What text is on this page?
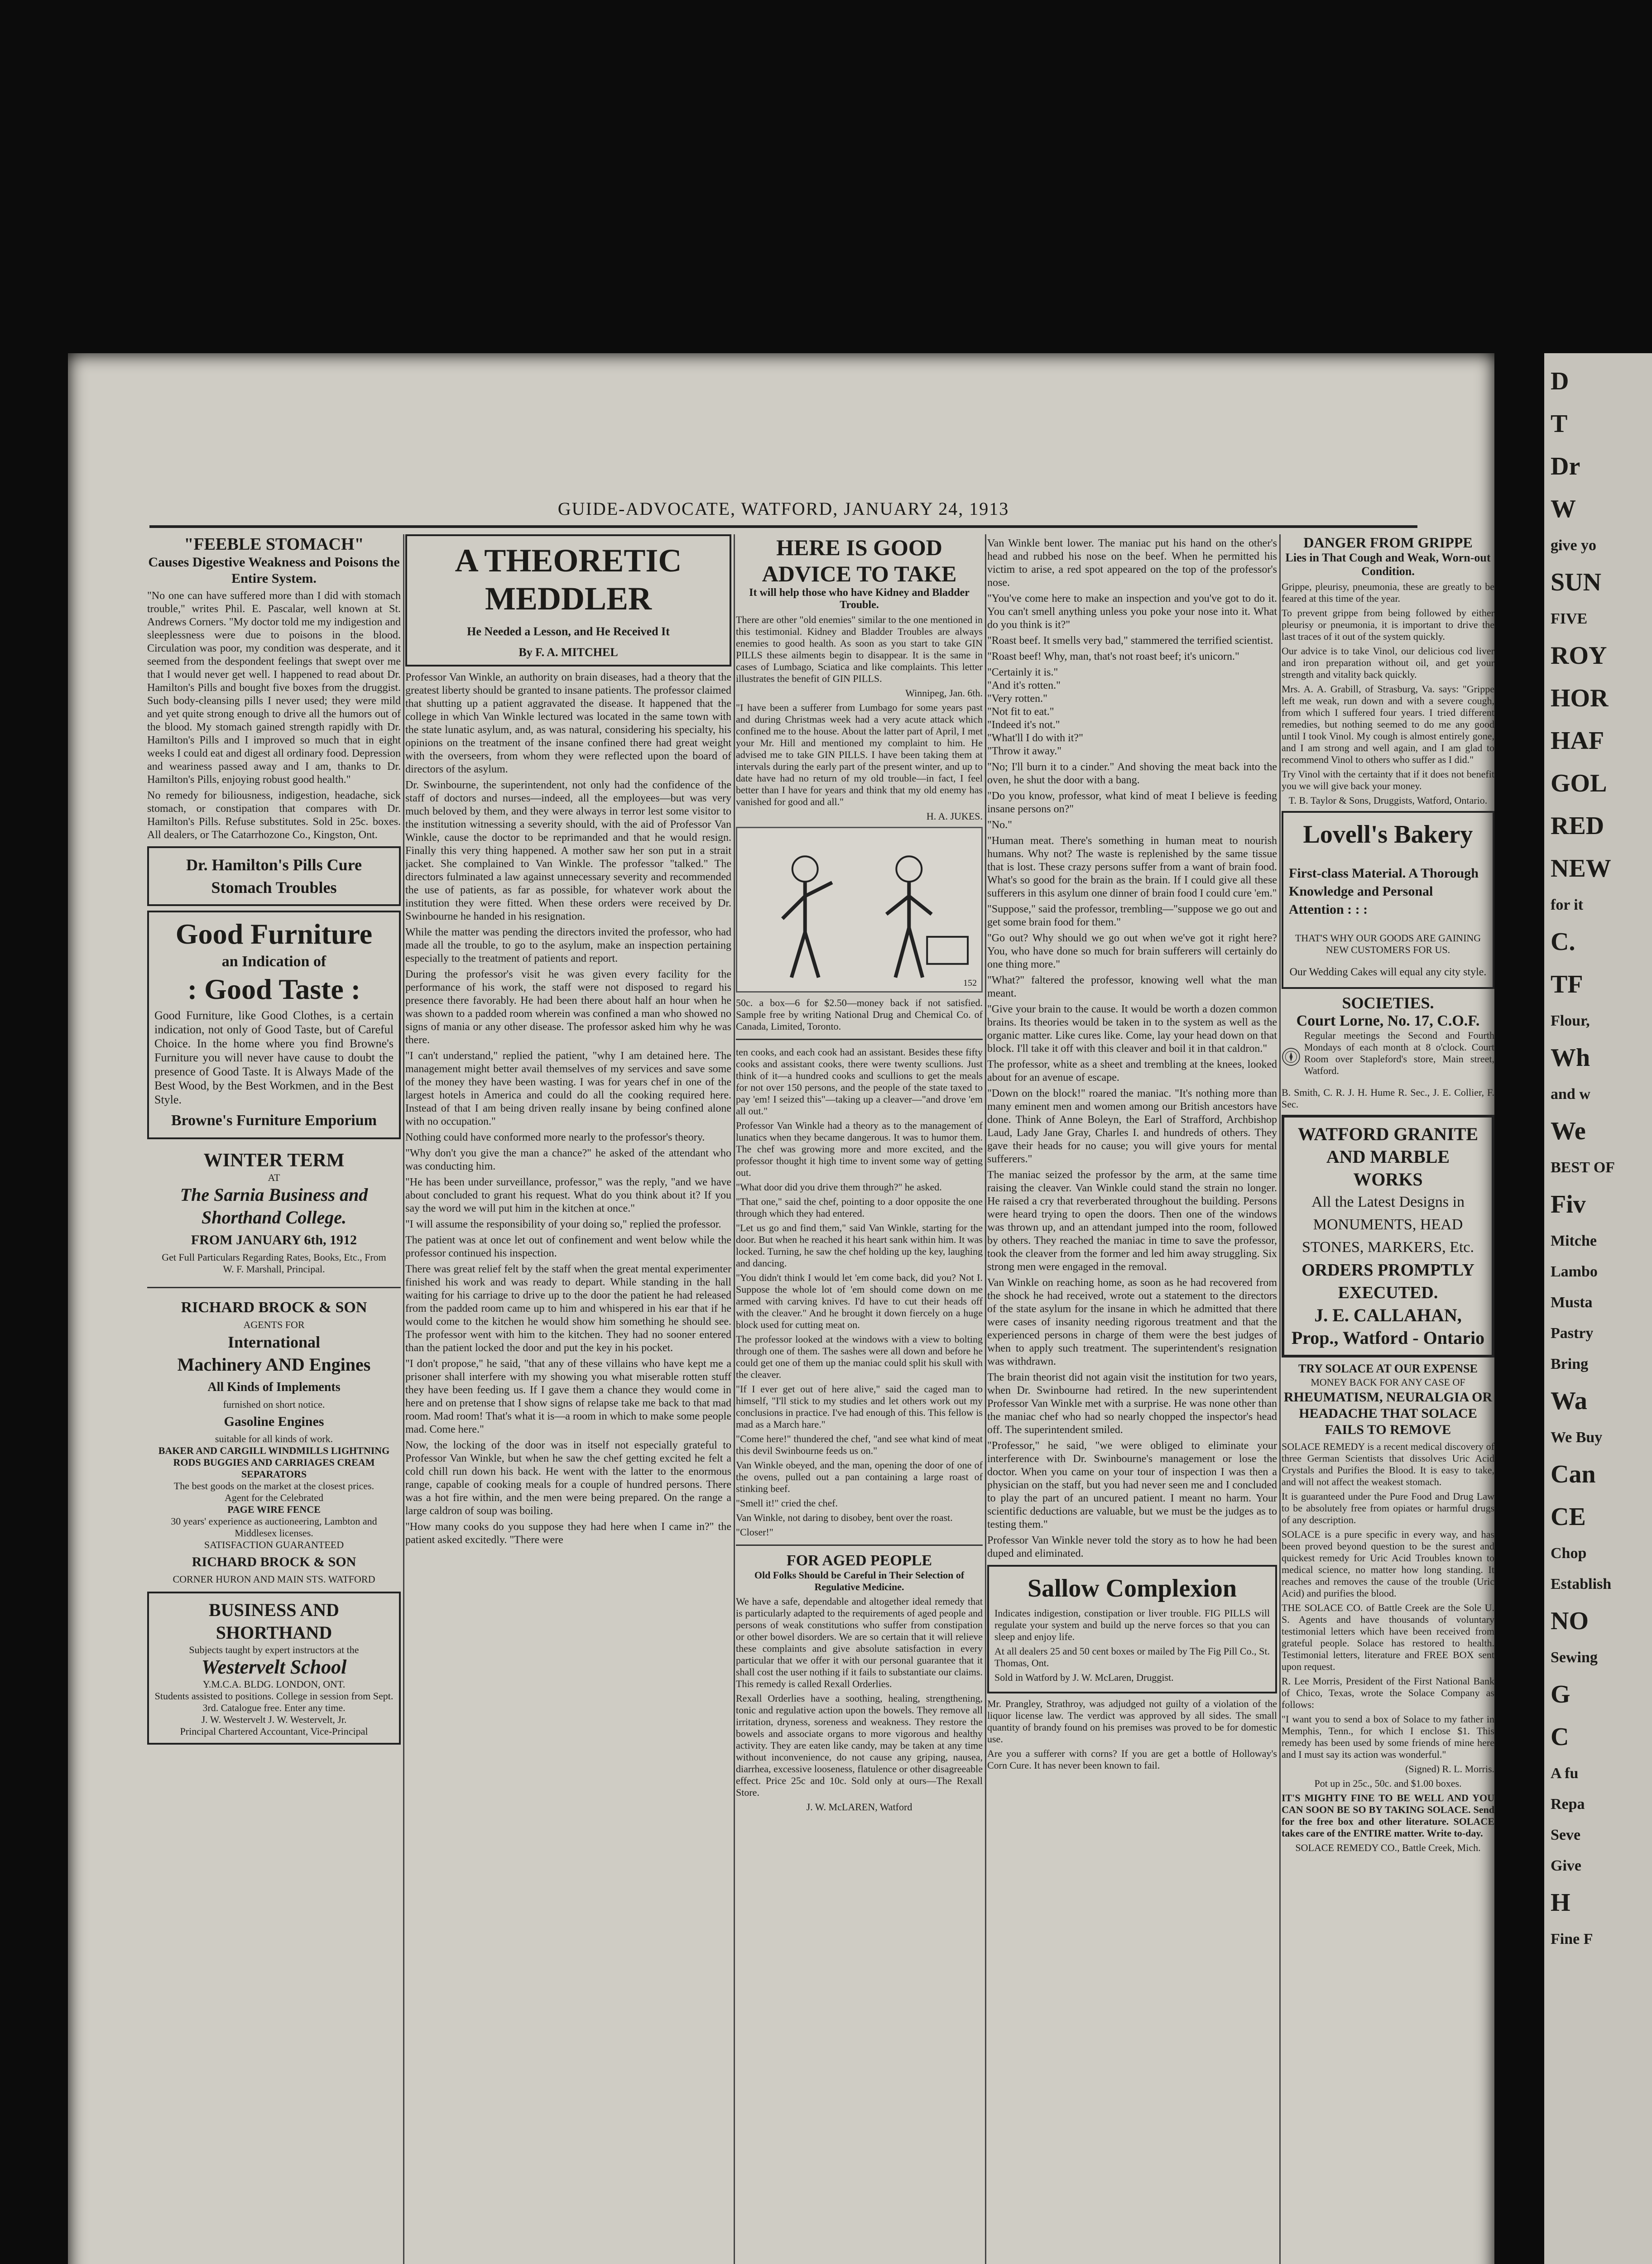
GUIDE-ADVOCATE, WATFORD, JANUARY 24, 1913
"FEEBLE STOMACH"
Causes Digestive Weakness and Poisons the Entire System.

"No one can have suffered more than I did with stomach trouble," writes Phil. E. Pascalar, well known at St. Andrews Corners. "My doctor told me my indigestion and sleeplessness were due to poisons in the blood. Circulation was poor, my condition was desperate, and it seemed from the despondent feelings that swept over me that I would never get well. I happened to read about Dr. Hamilton's Pills and bought five boxes from the druggist. Such body-cleansing pills I never used; they were mild and yet quite strong enough to drive all the humors out of the blood. My stomach gained strength rapidly with Dr. Hamilton's Pills and I improved so much that in eight weeks I could eat and digest all ordinary food. Depression and weariness passed away and I am, thanks to Dr. Hamilton's Pills, enjoying robust good health."

No remedy for biliousness, indigestion, headache, sick stomach, or constipation that compares with Dr. Hamilton's Pills. Refuse substitutes. Sold in 25c. boxes. All dealers, or The Catarrhozone Co., Kingston, Ont.

Dr. Hamilton's Pills Cure Stomach Troubles
Good Furniture
an Indication of
: Good Taste :

Good Furniture, like Good Clothes, is a certain indication, not only of Good Taste, but of Careful Choice. In the home where you find Browne's Furniture you will never have cause to doubt the presence of Good Taste. It is Always Made of the Best Wood, by the Best Workmen, and in the Best Style.

Browne's Furniture Emporium
WINTER TERM
AT
The Sarnia Business and Shorthand College.
FROM JANUARY 6th, 1912
Get Full Particulars Regarding Rates, Books, Etc., From
W. F. Marshall, Principal.
RICHARD BROCK & SON
AGENTS FOR
International
Machinery AND Engines
All Kinds of Implements
furnished on short notice.
Gasoline Engines
suitable for all kinds of work.
BAKER AND CARGILL WINDMILLS LIGHTNING RODS BUGGIES AND CARRIAGES CREAM SEPARATORS
The best goods on the market at the closest prices.
Agent for the Celebrated
PAGE WIRE FENCE
30 years' experience as auctioneering, Lambton and Middlesex licenses.
SATISFACTION GUARANTEED
RICHARD BROCK & SON
CORNER HURON AND MAIN STS. WATFORD
BUSINESS AND SHORTHAND
Subjects taught by expert instructors at the
Westervelt School
Y.M.C.A. BLDG. LONDON, ONT.
Students assisted to positions. College in session from Sept. 3rd. Catalogue free. Enter any time.
J. W. Westervelt J. W. Westervelt, Jr.
Principal Chartered Accountant, Vice-Principal
A THEORETIC MEDDLER
He Needed a Lesson, and He Received It
By F. A. MITCHEL

Professor Van Winkle, an authority on brain diseases, had a theory that the greatest liberty should be granted to insane patients. The professor claimed that shutting up a patient aggravated the disease. It happened that the college in which Van Winkle lectured was located in the same town with the state lunatic asylum, and, as was natural, considering his specialty, his opinions on the treatment of the insane confined there had great weight with the overseers, from whom they were reflected upon the board of directors of the asylum.

Dr. Swinbourne, the superintendent, not only had the confidence of the staff of doctors and nurses—indeed, all the employees—but was very much beloved by them, and they were always in terror lest some visitor to the institution witnessing a severity should, with the aid of Professor Van Winkle, cause the doctor to be reprimanded and that he would resign. Finally this very thing happened. A mother saw her son put in a strait jacket. She complained to Van Winkle. The professor "talked." The directors fulminated a law against unnecessary severity and recommended the use of patients, as far as possible, for whatever work about the institution they were fitted. When these orders were received by Dr. Swinbourne he handed in his resignation.

While the matter was pending the directors invited the professor, who had made all the trouble, to go to the asylum, make an inspection pertaining especially to the treatment of patients and report.

During the professor's visit he was given every facility for the performance of his work, the staff were not disposed to regard his presence there favorably. He had been there about half an hour when he was shown to a padded room wherein was confined a man who showed no signs of mania or any other disease. The professor asked him why he was there.

"I can't understand," replied the patient, "why I am detained here. The management might better avail themselves of my services and save some of the money they have been wasting. I was for years chef in one of the largest hotels in America and could do all the cooking required here. Instead of that I am being driven really insane by being confined alone with no occupation."

Nothing could have conformed more nearly to the professor's theory.

"Why don't you give the man a chance?" he asked of the attendant who was conducting him.

"He has been under surveillance, professor," was the reply, "and we have about concluded to grant his request. What do you think about it? If you say the word we will put him in the kitchen at once."

"I will assume the responsibility of your doing so," replied the professor.

The patient was at once let out of confinement and went below while the professor continued his inspection.

There was great relief felt by the staff when the great mental experimenter finished his work and was ready to depart. While standing in the hall waiting for his carriage to drive up to the door the patient he had released from the padded room came up to him and whispered in his ear that if he would come to the kitchen he would show him something he should see. The professor went with him to the kitchen. They had no sooner entered than the patient locked the door and put the key in his pocket.

"I don't propose," he said, "that any of these villains who have kept me a prisoner shall interfere with my showing you what miserable rotten stuff they have been feeding us. If I gave them a chance they would come in here and on pretense that I show signs of relapse take me back to that mad room. Mad room! That's what it is—a room in which to make some people mad. Come here."

Now, the locking of the door was in itself not especially grateful to Professor Van Winkle, but when he saw the chef getting excited he felt a cold chill run down his back. He went with the latter to the enormous range, capable of cooking meals for a couple of hundred persons. There was a hot fire within, and the men were being prepared. On the range a large caldron of soup was boiling.

"How many cooks do you suppose they had here when I came in?" the patient asked excitedly. "There were

HERE IS GOOD ADVICE TO TAKE
It will help those who have Kidney and Bladder Trouble.

There are other "old enemies" similar to the one mentioned in this testimonial. Kidney and Bladder Troubles are always enemies to good health. As soon as you start to take GIN PILLS these ailments begin to disappear. It is the same in cases of Lumbago, Sciatica and like complaints. This letter illustrates the benefit of GIN PILLS.

Winnipeg, Jan. 6th.

"I have been a sufferer from Lumbago for some years past and during Christmas week had a very acute attack which confined me to the house. About the latter part of April, I met your Mr. Hill and mentioned my complaint to him. He advised me to take GIN PILLS. I have been taking them at intervals during the early part of the present winter, and up to date have had no return of my old trouble—in fact, I feel better than I have for years and think that my old enemy has vanished for good and all."

H. A. JUKES.

152

50c. a box—6 for $2.50—money back if not satisfied. Sample free by writing National Drug and Chemical Co. of Canada, Limited, Toronto.

ten cooks, and each cook had an assistant. Besides these fifty cooks and assistant cooks, there were twenty scullions. Just think of it—a hundred cooks and scullions to get the meals for not over 150 persons, and the people of the state taxed to pay 'em! I seized this"—taking up a cleaver—"and drove 'em all out."

Professor Van Winkle had a theory as to the management of lunatics when they became dangerous. It was to humor them. The chef was growing more and more excited, and the professor thought it high time to invent some way of getting out.

"What door did you drive them through?" he asked.

"That one," said the chef, pointing to a door opposite the one through which they had entered.

"Let us go and find them," said Van Winkle, starting for the door. But when he reached it his heart sank within him. It was locked. Turning, he saw the chef holding up the key, laughing and dancing.

"You didn't think I would let 'em come back, did you? Not I. Suppose the whole lot of 'em should come down on me armed with carving knives. I'd have to cut their heads off with the cleaver." And he brought it down fiercely on a huge block used for cutting meat on.

The professor looked at the windows with a view to bolting through one of them. The sashes were all down and before he could get one of them up the maniac could split his skull with the cleaver.

"If I ever get out of here alive," said the caged man to himself, "I'll stick to my studies and let others work out my conclusions in practice. I've had enough of this. This fellow is mad as a March hare."

"Come here!" thundered the chef, "and see what kind of meat this devil Swinbourne feeds us on."

Van Winkle obeyed, and the man, opening the door of one of the ovens, pulled out a pan containing a large roast of stinking beef.

"Smell it!" cried the chef.

Van Winkle, not daring to disobey, bent over the roast.

"Closer!"

FOR AGED PEOPLE
Old Folks Should be Careful in Their Selection of Regulative Medicine.

We have a safe, dependable and altogether ideal remedy that is particularly adapted to the requirements of aged people and persons of weak constitutions who suffer from constipation or other bowel disorders. We are so certain that it will relieve these complaints and give absolute satisfaction in every particular that we offer it with our personal guarantee that it shall cost the user nothing if it fails to substantiate our claims. This remedy is called Rexall Orderlies.

Rexall Orderlies have a soothing, healing, strengthening, tonic and regulative action upon the bowels. They remove all irritation, dryness, soreness and weakness. They restore the bowels and associate organs to more vigorous and healthy activity. They are eaten like candy, may be taken at any time without inconvenience, do not cause any griping, nausea, diarrhea, excessive looseness, flatulence or other disagreeable effect. Price 25c and 10c. Sold only at ours—The Rexall Store.

J. W. McLAREN, Watford

Van Winkle bent lower. The maniac put his hand on the other's head and rubbed his nose on the beef. When he permitted his victim to arise, a red spot appeared on the top of the professor's nose.

"You've come here to make an inspection and you've got to do it. You can't smell anything unless you poke your nose into it. What do you think is it?"

"Roast beef. It smells very bad," stammered the terrified scientist.

"Roast beef! Why, man, that's not roast beef; it's unicorn."

"Certainly it is."

"And it's rotten."

"Very rotten."

"Not fit to eat."

"Indeed it's not."

"What'll I do with it?"

"Throw it away."

"No; I'll burn it to a cinder." And shoving the meat back into the oven, he shut the door with a bang.

"Do you know, professor, what kind of meat I believe is feeding insane persons on?"

"No."

"Human meat. There's something in human meat to nourish humans. Why not? The waste is replenished by the same tissue that is lost. These crazy persons suffer from a want of brain food. What's so good for the brain as the brain. If I could give all these sufferers in this asylum one dinner of brain food I could cure 'em."

"Suppose," said the professor, trembling—"suppose we go out and get some brain food for them."

"Go out? Why should we go out when we've got it right here? You, who have done so much for brain sufferers will certainly do one thing more."

"What?" faltered the professor, knowing well what the man meant.

"Give your brain to the cause. It would be worth a dozen common brains. Its theories would be taken in to the system as well as the organic matter. Like cures like. Come, lay your head down on that block. I'll take it off with this cleaver and boil it in that caldron."

The professor, white as a sheet and trembling at the knees, looked about for an avenue of escape.

"Down on the block!" roared the maniac. "It's nothing more than many eminent men and women among our British ancestors have done. Think of Anne Boleyn, the Earl of Strafford, Archbishop Laud, Lady Jane Gray, Charles I. and hundreds of others. They gave their heads for no cause; you will give yours for mental sufferers."

The maniac seized the professor by the arm, at the same time raising the cleaver. Van Winkle could stand the strain no longer. He raised a cry that reverberated throughout the building. Persons were heard trying to open the doors. Then one of the windows was thrown up, and an attendant jumped into the room, followed by others. They reached the maniac in time to save the professor, took the cleaver from the former and led him away struggling. Six strong men were engaged in the removal.

Van Winkle on reaching home, as soon as he had recovered from the shock he had received, wrote out a statement to the directors of the state asylum for the insane in which he admitted that there were cases of insanity needing rigorous treatment and that the experienced persons in charge of them were the best judges of when to apply such treatment. The superintendent's resignation was withdrawn.

The brain theorist did not again visit the institution for two years, when Dr. Swinbourne had retired. In the new superintendent Professor Van Winkle met with a surprise. He was none other than the maniac chef who had so nearly chopped the inspector's head off. The superintendent smiled.

"Professor," he said, "we were obliged to eliminate your interference with Dr. Swinbourne's management or lose the doctor. When you came on your tour of inspection I was then a physician on the staff, but you had never seen me and I concluded to play the part of an uncured patient. I meant no harm. Your scientific deductions are valuable, but we must be the judges as to testing them."

Professor Van Winkle never told the story as to how he had been duped and eliminated.

Sallow Complexion

Indicates indigestion, constipation or liver trouble. FIG PILLS will regulate your system and build up the nerve forces so that you can sleep and enjoy life.

At all dealers 25 and 50 cent boxes or mailed by The Fig Pill Co., St. Thomas, Ont.

Sold in Watford by J. W. McLaren, Druggist.

Mr. Prangley, Strathroy, was adjudged not guilty of a violation of the liquor license law. The verdict was approved by all sides. The small quantity of brandy found on his premises was proved to be for domestic use.

Are you a sufferer with corns? If you are get a bottle of Holloway's Corn Cure. It has never been known to fail.

DANGER FROM GRIPPE
Lies in That Cough and Weak, Worn-out Condition.

Grippe, pleurisy, pneumonia, these are greatly to be feared at this time of the year.

To prevent grippe from being followed by either pleurisy or pneumonia, it is important to drive the last traces of it out of the system quickly.

Our advice is to take Vinol, our delicious cod liver and iron preparation without oil, and get your strength and vitality back quickly.

Mrs. A. A. Grabill, of Strasburg, Va. says: "Grippe left me weak, run down and with a severe cough, from which I suffered four years. I tried different remedies, but nothing seemed to do me any good until I took Vinol. My cough is almost entirely gone, and I am strong and well again, and I am glad to recommend Vinol to others who suffer as I did."

Try Vinol with the certainty that if it does not benefit you we will give back your money.

T. B. Taylor & Sons, Druggists, Watford, Ontario.

Lovell's Bakery

First-class Material. A Thorough Knowledge and Personal Attention : : :

THAT'S WHY OUR GOODS ARE GAINING NEW CUSTOMERS FOR US.

Our Wedding Cakes will equal any city style.

SOCIETIES.
Court Lorne, No. 17, C.O.F.

Regular meetings the Second and Fourth Mondays of each month at 8 o'clock. Court Room over Stapleford's store, Main street, Watford.

B. Smith, C. R. J. H. Hume R. Sec., J. E. Collier, F. Sec.

WATFORD GRANITE AND MARBLE WORKS
All the Latest Designs in MONUMENTS, HEAD STONES, MARKERS, Etc.
ORDERS PROMPTLY EXECUTED.
J. E. CALLAHAN, Prop., Watford - Ontario
TRY SOLACE AT OUR EXPENSE

MONEY BACK FOR ANY CASE OF

RHEUMATISM, NEURALGIA OR HEADACHE THAT SOLACE FAILS TO REMOVE

SOLACE REMEDY is a recent medical discovery of three German Scientists that dissolves Uric Acid Crystals and Purifies the Blood. It is easy to take, and will not affect the weakest stomach.

It is guaranteed under the Pure Food and Drug Law to be absolutely free from opiates or harmful drugs of any description.

SOLACE is a pure specific in every way, and has been proved beyond question to be the surest and quickest remedy for Uric Acid Troubles known to medical science, no matter how long standing. It reaches and removes the cause of the trouble (Uric Acid) and purifies the blood.

THE SOLACE CO. of Battle Creek are the Sole U. S. Agents and have thousands of voluntary testimonial letters which have been received from grateful people. Solace has restored to health. Testimonial letters, literature and FREE BOX sent upon request.

R. Lee Morris, President of the First National Bank of Chico, Texas, wrote the Solace Company as follows:

"I want you to send a box of Solace to my father in Memphis, Tenn., for which I enclose $1. This remedy has been used by some friends of mine here and I must say its action was wonderful."

(Signed) R. L. Morris.

Pot up in 25c., 50c. and $1.00 boxes.

IT'S MIGHTY FINE TO BE WELL AND YOU CAN SOON BE SO BY TAKING SOLACE. Send for the free box and other literature. SOLACE takes care of the ENTIRE matter. Write to-day.

SOLACE REMEDY CO., Battle Creek, Mich.

D
T
Dr
W
give yo
SUN
FIVE
ROY
HOR
HAF
GOL
RED
NEW
for it
C.
TF
Flour,
Wh
and w
We
BEST OF
Fiv
Mitche
Lambo
Musta
Pastry
Bring
Wa
We Buy
Can
CE
Chop
Establish
NO
Sewing
G
C
A fu
Repa
Seve
Give
H
Fine F
